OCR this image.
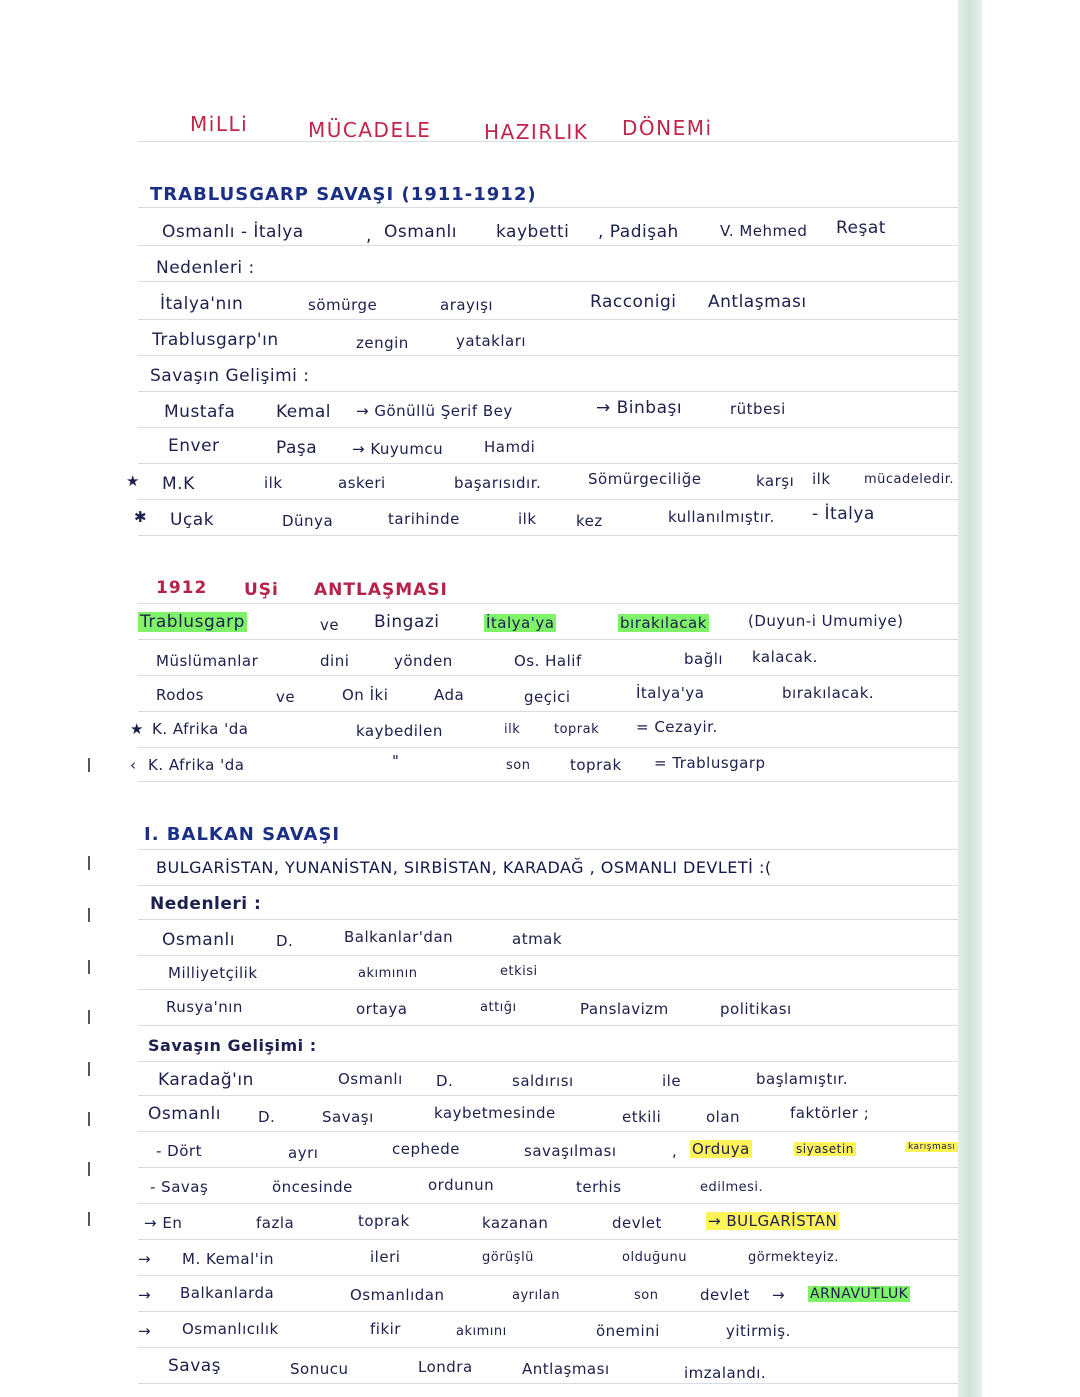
MiLLi	MÜCADELE	HAZIRLIK DÖNEMi
TRABLUSGARP SAVAŞI (1911-1912)
Osmanlı - İtalya	, Osmanlı kaybetti , Padişah	V. Mehmed Reşat
Nedenleri :
İtalya'nın	sömürge	arayışı	Racconigi Antlaşması
Trablusgarp'ın	zengin	yatakları
Savaşın Gelişimi :
Mustafa Kemal → Gönüllü Şerif Bey	→ Binbaşı	rütbesi
Enver	Paşa → Kuyumcu	Hamdi
★ M.K	ilk	askeri	başarısıdır.	Sömürgeciliğe	karşı ilk	mücadeledir.
✱ Uçak	Dünya	tarihinde	ilk	kez	kullanılmıştır. - İtalya
1912 UŞi ANTLAŞMASI
Trablusgarp	ve Bingazi	İtalya'ya	bırakılacak	(Duyun-i Umumiye)
Müslümanlar	dini	yönden	Os. Halif	bağlı kalacak.
Rodos	ve	On İki	Ada	geçici	İtalya'ya	bırakılacak.
★ K. Afrika 'da	kaybedilen	ilk	toprak = Cezayir.
‹ K. Afrika 'da	"	son	toprak = Trablusgarp
I. BALKAN SAVAŞI
BULGARİSTAN, YUNANİSTAN, SIRBİSTAN, KARADAĞ , OSMANLI DEVLETİ :(
Nedenleri :
Osmanlı	D.	Balkanlar'dan	atmak
Milliyetçilik	akımının	etkisi
Rusya'nın	ortaya	attığı	Panslavizm	politikası
Savaşın Gelişimi :
Karadağ'ın	Osmanlı D.	saldırısı	ile	başlamıştır.
Osmanlı D.	Savaşı	kaybetmesinde	etkili	olan	faktörler ;
- Dört	ayrı	cephede	savaşılması	, Orduya	siyasetin	karışması
- Savaş	öncesinde	ordunun	terhis	edilmesi.
→ En	fazla	toprak	kazanan	devlet	→ BULGARİSTAN
→ M. Kemal'in	ileri	görüşlü	olduğunu	görmekteyiz.
→ Balkanlarda	Osmanlıdan	ayrılan	son	devlet → ARNAVUTLUK
→ Osmanlıcılık	fikir	akımını	önemini	yitirmiş.
Savaş	Sonucu	Londra	Antlaşması	imzalandı.
